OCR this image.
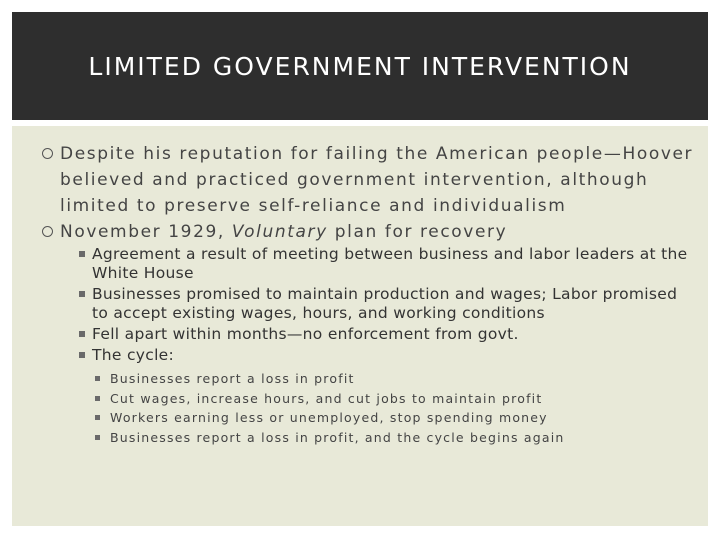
LIMITED GOVERNMENT INTERVENTION

Despite his reputation for failing the American people—Hoover believed and practiced government intervention, although limited to preserve self-reliance and individualism

November 1929, Voluntary plan for recovery

Agreement a result of meeting between business and labor leaders at the White House
Businesses promised to maintain production and wages; Labor promised to accept existing wages, hours, and working conditions
Fell apart within months—no enforcement from govt.
The cycle:
Businesses report a loss in profit
Cut wages, increase hours, and cut jobs to maintain profit
Workers earning less or unemployed, stop spending money
Businesses report a loss in profit, and the cycle begins again
